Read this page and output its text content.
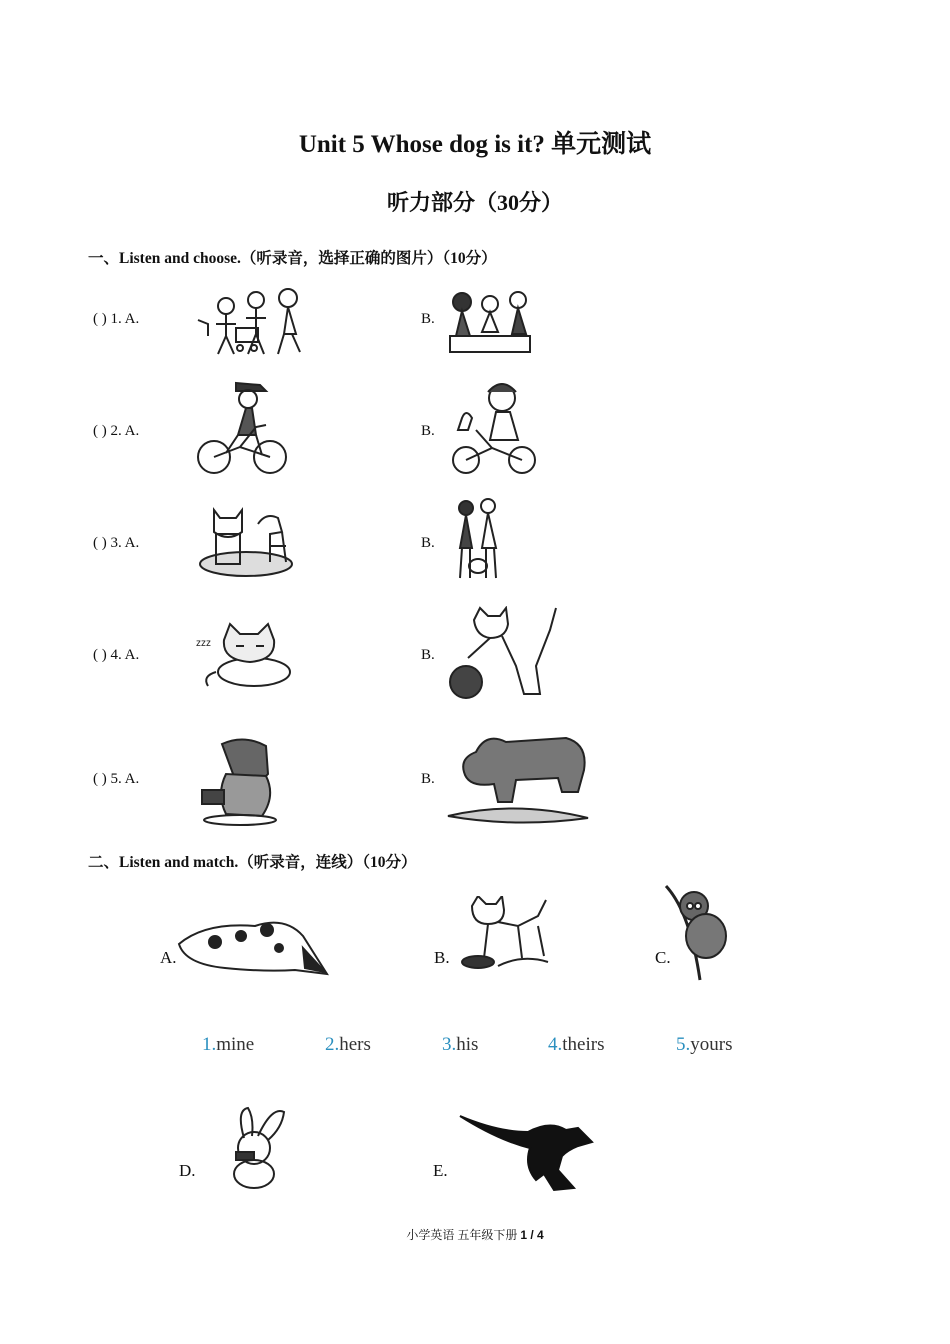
Unit 5 Whose dog is it? 单元测试
听力部分（30分）
一、Listen and choose.（听录音，选择正确的图片）（10分）
( ) 1. A.	B.
( ) 2. A.	B.
( ) 3. A.	B.
( ) 4. A.
zzz
B.
( ) 5. A.	B.
二、Listen and match.（听录音，连线）（10分）
A.	B.	C.
1.mine	2.hers	3.his	4.theirs	5.yours
D.	E.
小学英语 五年级下册 1 / 4
